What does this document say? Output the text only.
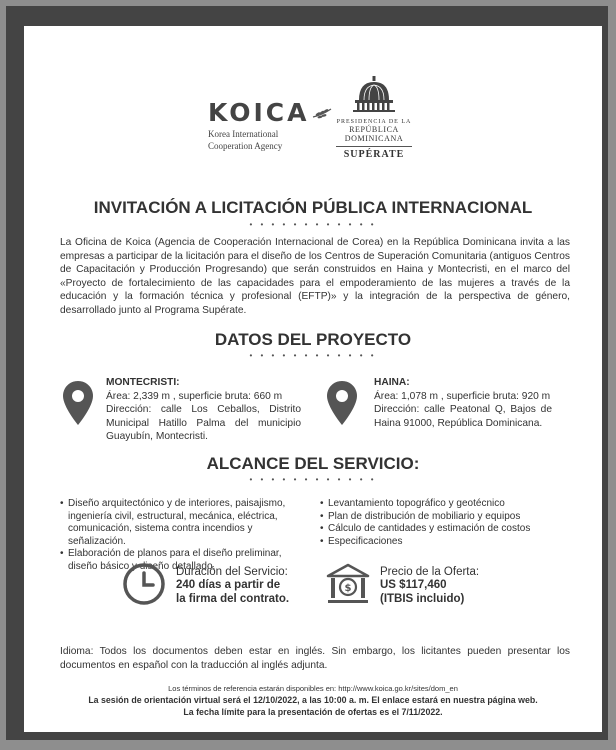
KOICA
Korea International
Cooperation Agency
PRESIDENCIA DE LA
REPÚBLICA DOMINICANA
SUPÉRATE
INVITACIÓN A LICITACIÓN PÚBLICA INTERNACIONAL
• • • • • • • • • • • •
La Oficina de Koica (Agencia de Cooperación Internacional de Corea) en la República Dominicana invita a las empresas a participar de la licitación para el diseño de los Centros de Superación Comunitaria (antiguos Centros de Capacitación y Producción Progresando) que serán construidos en Haina y Montecristi, en el marco del «Proyecto de fortalecimiento de las capacidades para el empoderamiento de las mujeres a través de la educación y la formación técnica y profesional (EFTP)» y la integración de la perspectiva de género, desarrollado junto al Programa Supérate.
DATOS DEL PROYECTO
• • • • • • • • • • • •
MONTECRISTI:
Área: 2,339 m , superficie bruta: 660 m
Dirección: calle Los Ceballos, Distrito Municipal Hatillo Palma del municipio Guayubín, Montecristi.
HAINA:
Área: 1,078 m , superficie bruta: 920 m
Dirección: calle Peatonal Q, Bajos de Haina 91000, República Dominicana.
ALCANCE DEL SERVICIO:
• • • • • • • • • • • •
• Diseño arquitectónico y de interiores, paisajismo, ingeniería civil, estructural, mecánica, eléctrica, comunicación, sistema contra incendios y señalización.
• Elaboración de planos para el diseño preliminar, diseño básico y diseño detallado.
• Levantamiento topográfico y geotécnico
• Plan de distribución de mobiliario y equipos
• Cálculo de cantidades y estimación de costos
• Especificaciones
Duración del Servicio:
240 días a partir de
la firma del contrato.
$
Precio de la Oferta:
US $117,460
(ITBIS incluido)
Idioma: Todos los documentos deben estar en inglés. Sin embargo, los licitantes pueden presentar los documentos en español con la traducción al inglés adjunta.
Los términos de referencia estarán disponibles en: http://www.koica.go.kr/sites/dom_en
La sesión de orientación virtual será el 12/10/2022, a las 10:00 a. m. El enlace estará en nuestra página web.
La fecha límite para la presentación de ofertas es el 7/11/2022.
